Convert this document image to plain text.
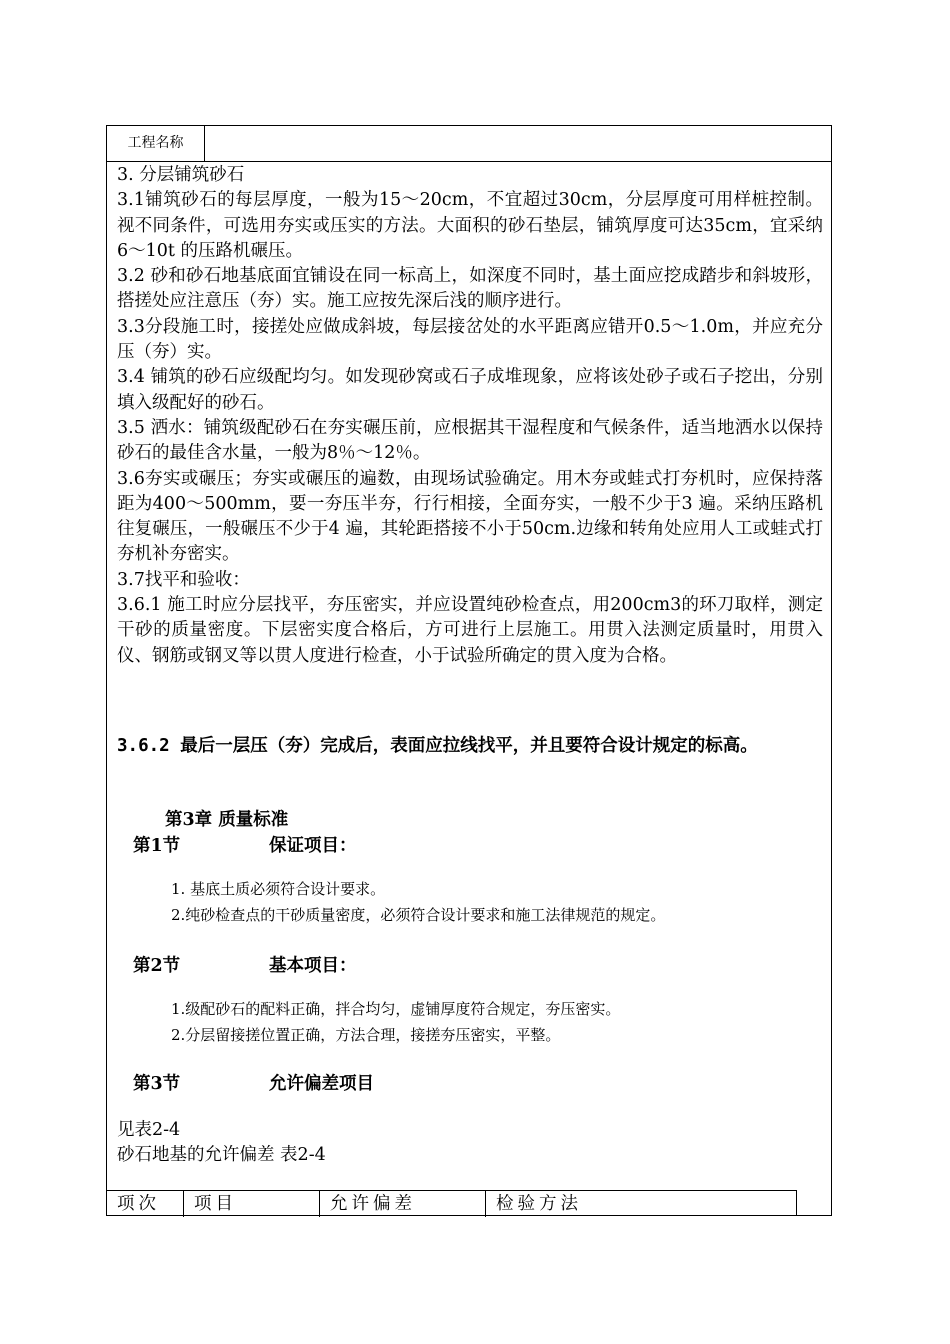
工程名称

3. 分层铺筑砂石

3.1铺筑砂石的每层厚度，一般为15～20cm，不宜超过30cm，分层厚度可用样桩控制。视不同条件，可选用夯实或压实的方法。大面积的砂石垫层，铺筑厚度可达35cm，宜采纳6～10t 的压路机碾压。

3.2 砂和砂石地基底面宜铺设在同一标高上，如深度不同时，基土面应挖成踏步和斜坡形，搭搓处应注意压（夯）实。施工应按先深后浅的顺序进行。

3.3分段施工时，接搓处应做成斜坡，每层接岔处的水平距离应错开0.5～1.0m，并应充分压（夯）实。

3.4 铺筑的砂石应级配均匀。如发现砂窝或石子成堆现象，应将该处砂子或石子挖出，分别填入级配好的砂石。

3.5 洒水：铺筑级配砂石在夯实碾压前，应根据其干湿程度和气候条件，适当地洒水以保持砂石的最佳含水量，一般为8％～12％。

3.6夯实或碾压；夯实或碾压的遍数，由现场试验确定。用木夯或蛙式打夯机时，应保持落距为400～500mm，要一夯压半夯，行行相接，全面夯实，一般不少于3 遍。采纳压路机往复碾压，一般碾压不少于4 遍，其轮距搭接不小于50cm.边缘和转角处应用人工或蛙式打夯机补夯密实。

3.7找平和验收：

3.6.1 施工时应分层找平，夯压密实，并应设置纯砂检查点，用200cm3的环刀取样，测定干砂的质量密度。下层密实度合格后，方可进行上层施工。用贯入法测定质量时，用贯入仪、钢筋或钢叉等以贯人度进行检查，小于试验所确定的贯入度为合格。

3.6.2 最后一层压（夯）完成后，表面应拉线找平，并且要符合设计规定的标高。

第3章 质量标准
第1节	保证项目：
1. 基底土质必须符合设计要求。
2.纯砂检查点的干砂质量密度，必须符合设计要求和施工法律规范的规定。
第2节	基本项目：
1.级配砂石的配料正确，拌合均匀，虚铺厚度符合规定，夯压密实。
2.分层留接搓位置正确，方法合理，接搓夯压密实，平整。
第3节	允许偏差项目
见表2-4
砂石地基的允许偏差 表2-4
项次	项目	允许偏差	检验方法
